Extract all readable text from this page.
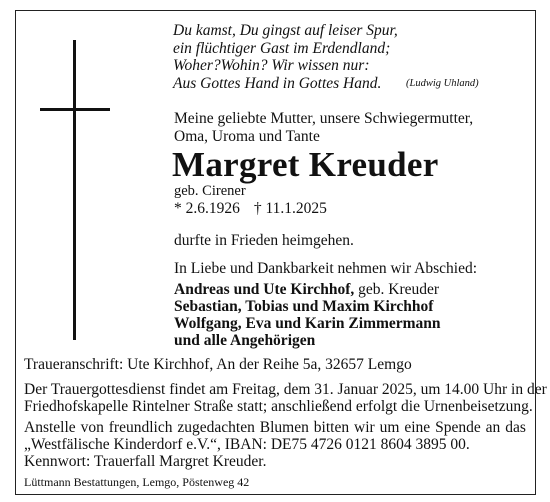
Du kamst, Du gingst auf leiser Spur,
ein flüchtiger Gast im Erdendland;
Woher?Wohin? Wir wissen nur:
Aus Gottes Hand in Gottes Hand.	(Ludwig Uhland)
Meine geliebte Mutter, unsere Schwiegermutter,
Oma, Uroma und Tante
Margret Kreuder
geb. Cirener
* 2.6.1926 † 11.1.2025
durfte in Frieden heimgehen.
In Liebe und Dankbarkeit nehmen wir Abschied:
Andreas und Ute Kirchhof, geb. Kreuder
Sebastian, Tobias und Maxim Kirchhof
Wolfgang, Eva und Karin Zimmermann
und alle Angehörigen
Traueranschrift: Ute Kirchhof, An der Reihe 5a, 32657 Lemgo
Der Trauergottesdienst findet am Freitag, dem 31. Januar 2025, um 14.00 Uhr in der
Friedhofskapelle Rintelner Straße statt; anschließend erfolgt die Urnenbeisetzung.
Anstelle von freundlich zugedachten Blumen bitten wir um eine Spende an das
„Westfälische Kinderdorf e.V.“, IBAN: DE75 4726 0121 8604 3895 00.
Kennwort: Trauerfall Margret Kreuder.
Lüttmann Bestattungen, Lemgo, Pöstenweg 42
